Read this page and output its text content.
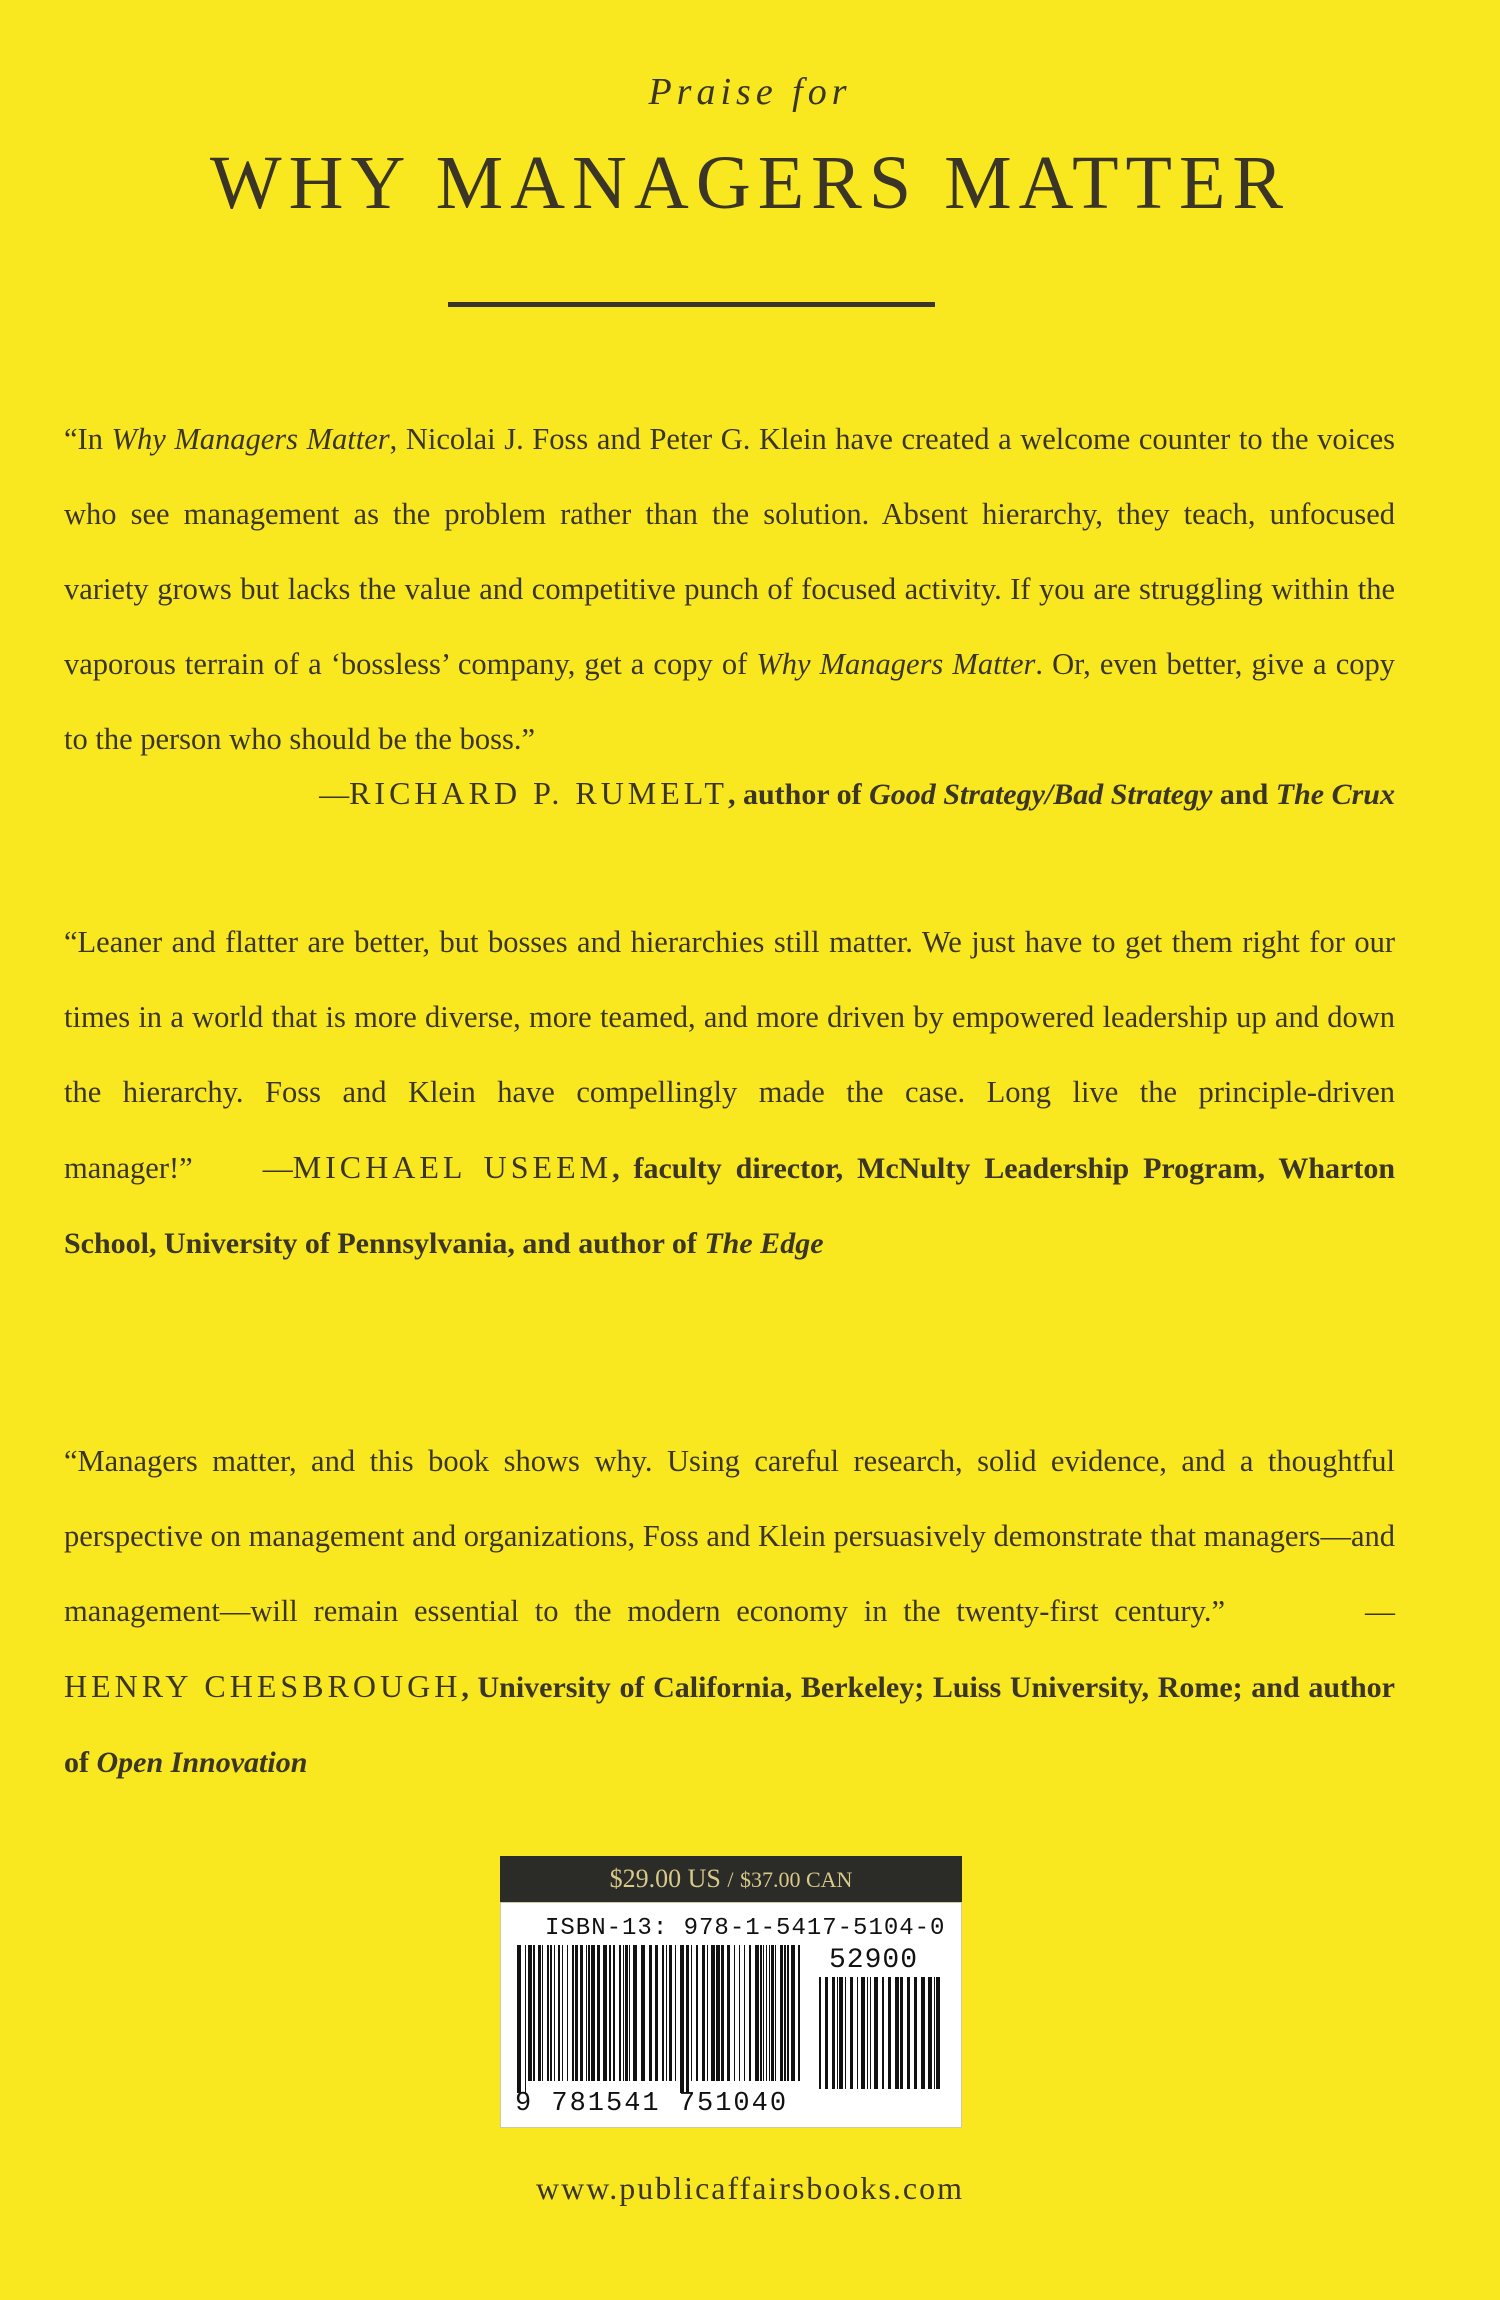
Praise for
WHY MANAGERS MATTER

“In Why Managers Matter, Nicolai J. Foss and Peter G. Klein have created a welcome counter to the voices who see management as the problem rather than the solution. Absent hierarchy, they teach, unfocused variety grows but lacks the value and competitive punch of focused activity. If you are struggling within the vaporous terrain of a ‘bossless’ company, get a copy of Why Managers Matter. Or, even better, give a copy to the person who should be the boss.”

—RICHARD P. RUMELT, author of Good Strategy/Bad Strategy and The Crux

“Leaner and flatter are better, but bosses and hierarchies still matter. We just have to get them right for our times in a world that is more diverse, more teamed, and more driven by empowered leadership up and down the hierarchy. Foss and Klein have compellingly made the case. Long live the principle-driven manager!” —MICHAEL USEEM, faculty director, McNulty Leadership Program, Wharton School, University of Pennsylvania, and author of The Edge

“Managers matter, and this book shows why. Using careful research, solid evidence, and a thoughtful perspective on management and organizations, Foss and Klein persuasively demonstrate that managers—and management—will remain essential to the modern economy in the twenty-first century.”	—HENRY CHESBROUGH, University of California, Berkeley; Luiss University, Rome; and author of Open Innovation

$29.00 US / $37.00 CAN
ISBN-13: 978-1-5417-5104-0
52900
9 781541 751040
www.publicaffairsbooks.com
